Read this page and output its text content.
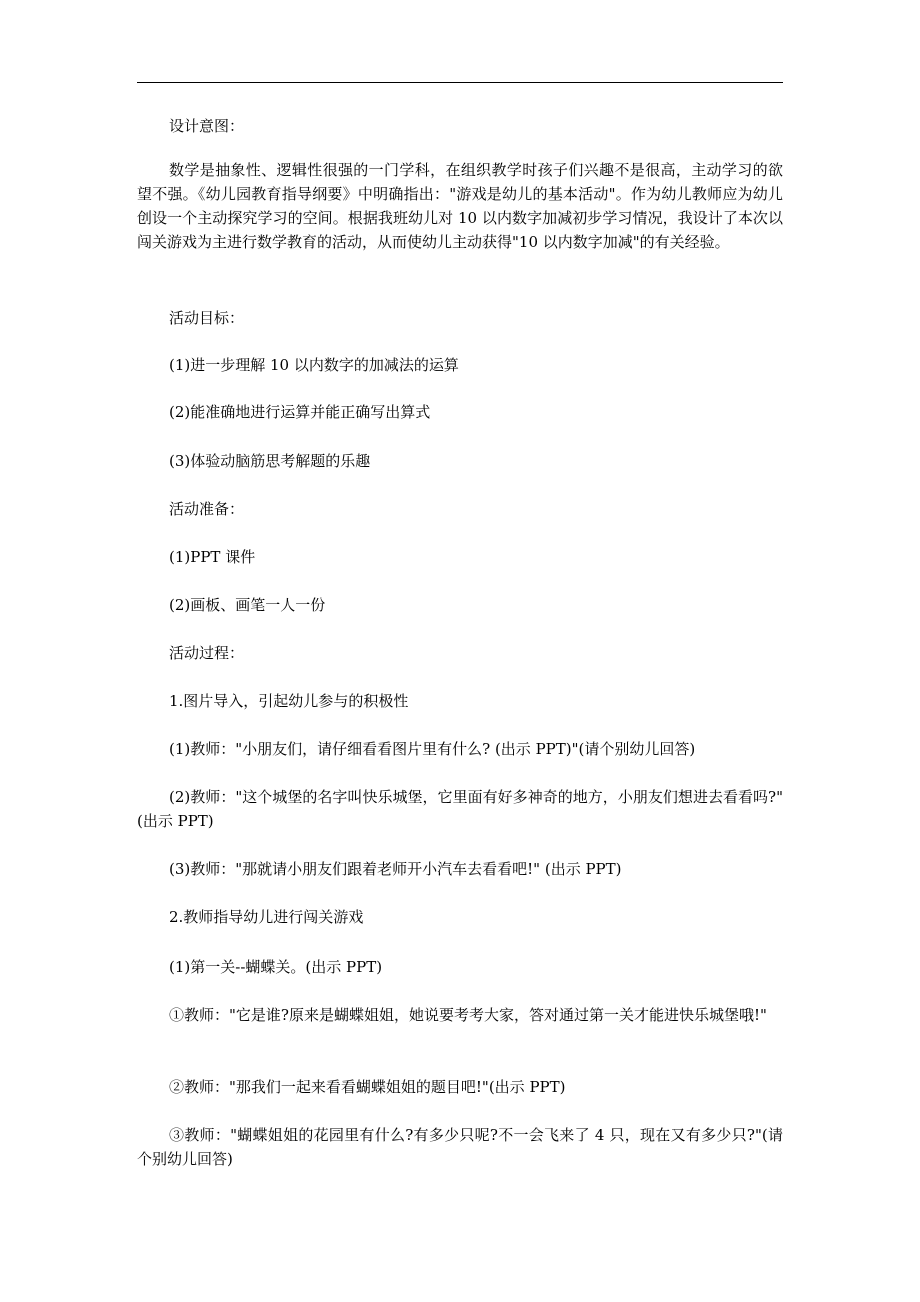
设计意图：
数学是抽象性、逻辑性很强的一门学科，在组织教学时孩子们兴趣不是很高，主动学习的欲望不强。《幼儿园教育指导纲要》中明确指出："游戏是幼儿的基本活动"。作为幼儿教师应为幼儿创设一个主动探究学习的空间。根据我班幼儿对 10 以内数字加减初步学习情况，我设计了本次以闯关游戏为主进行数学教育的活动，从而使幼儿主动获得"10 以内数字加减"的有关经验。
活动目标：
(1)进一步理解 10 以内数字的加减法的运算
(2)能准确地进行运算并能正确写出算式
(3)体验动脑筋思考解题的乐趣
活动准备：
(1)PPT 课件
(2)画板、画笔一人一份
活动过程：
1.图片导入，引起幼儿参与的积极性
(1)教师："小朋友们，请仔细看看图片里有什么? (出示 PPT)"(请个别幼儿回答)
(2)教师："这个城堡的名字叫快乐城堡，它里面有好多神奇的地方，小朋友们想进去看看吗?"(出示 PPT)
(3)教师："那就请小朋友们跟着老师开小汽车去看看吧!" (出示 PPT)
2.教师指导幼儿进行闯关游戏
(1)第一关--蝴蝶关。(出示 PPT)
①教师："它是谁?原来是蝴蝶姐姐，她说要考考大家，答对通过第一关才能进快乐城堡哦!"
②教师："那我们一起来看看蝴蝶姐姐的题目吧!"(出示 PPT)
③教师："蝴蝶姐姐的花园里有什么?有多少只呢?不一会飞来了 4 只，现在又有多少只?"(请个别幼儿回答)
